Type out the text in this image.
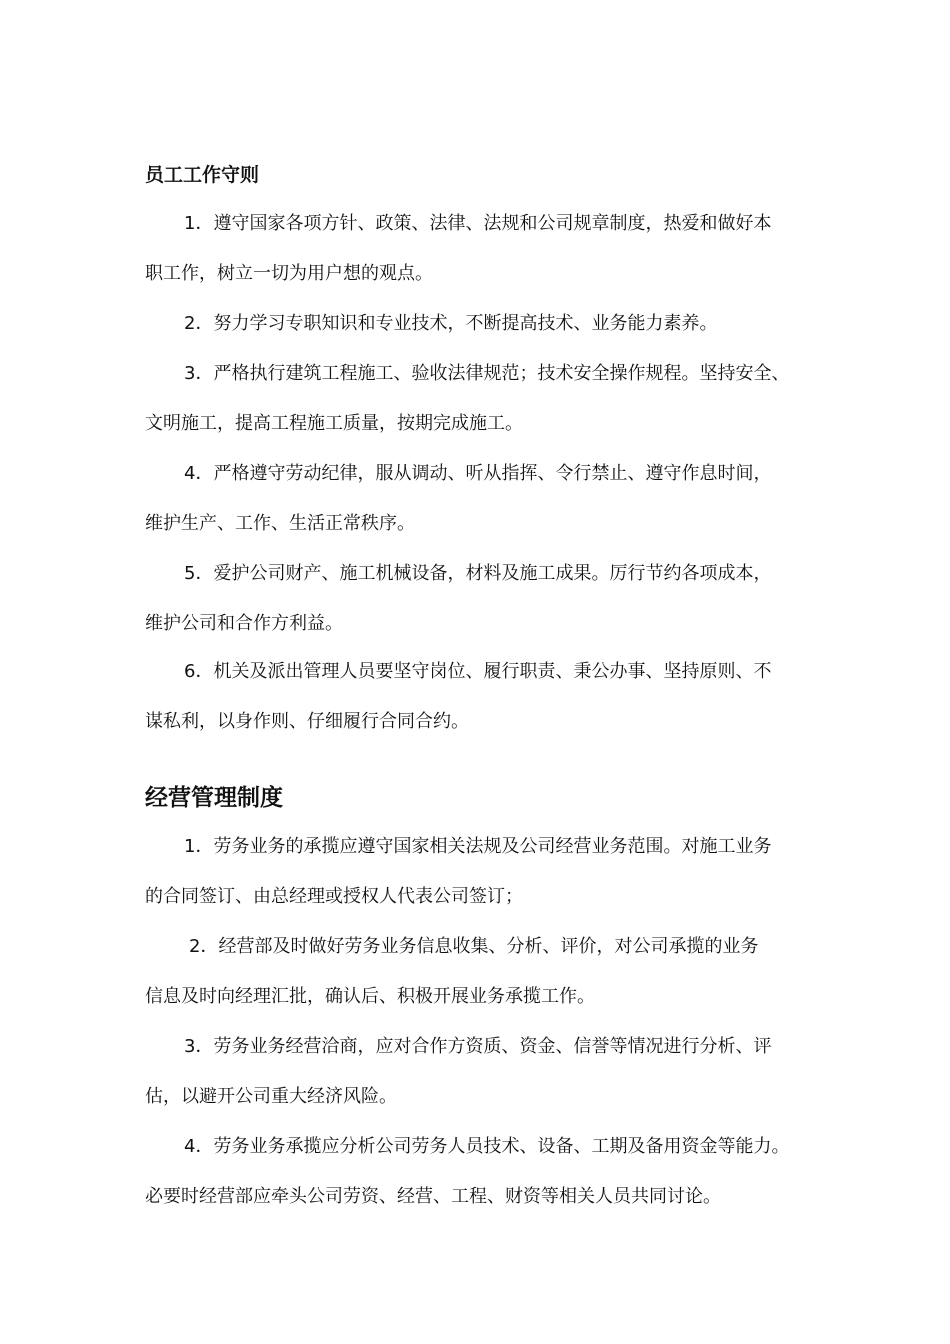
员工工作守则
1．遵守国家各项方针、政策、法律、法规和公司规章制度，热爱和做好本
职工作，树立一切为用户想的观点。
2．努力学习专职知识和专业技术，不断提高技术、业务能力素养。
3．严格执行建筑工程施工、验收法律规范；技术安全操作规程。坚持安全、
文明施工，提高工程施工质量，按期完成施工。
4．严格遵守劳动纪律，服从调动、听从指挥、令行禁止、遵守作息时间，
维护生产、工作、生活正常秩序。
5．爱护公司财产、施工机械设备，材料及施工成果。厉行节约各项成本，
维护公司和合作方利益。
6．机关及派出管理人员要坚守岗位、履行职责、秉公办事、坚持原则、不
谋私利，以身作则、仔细履行合同合约。
经营管理制度
1．劳务业务的承揽应遵守国家相关法规及公司经营业务范围。对施工业务
的合同签订、由总经理或授权人代表公司签订；
2．经营部及时做好劳务业务信息收集、分析、评价，对公司承揽的业务
信息及时向经理汇批，确认后、积极开展业务承揽工作。
3．劳务业务经营洽商，应对合作方资质、资金、信誉等情况进行分析、评
估，以避开公司重大经济风险。
4．劳务业务承揽应分析公司劳务人员技术、设备、工期及备用资金等能力。
必要时经营部应牵头公司劳资、经营、工程、财资等相关人员共同讨论。
